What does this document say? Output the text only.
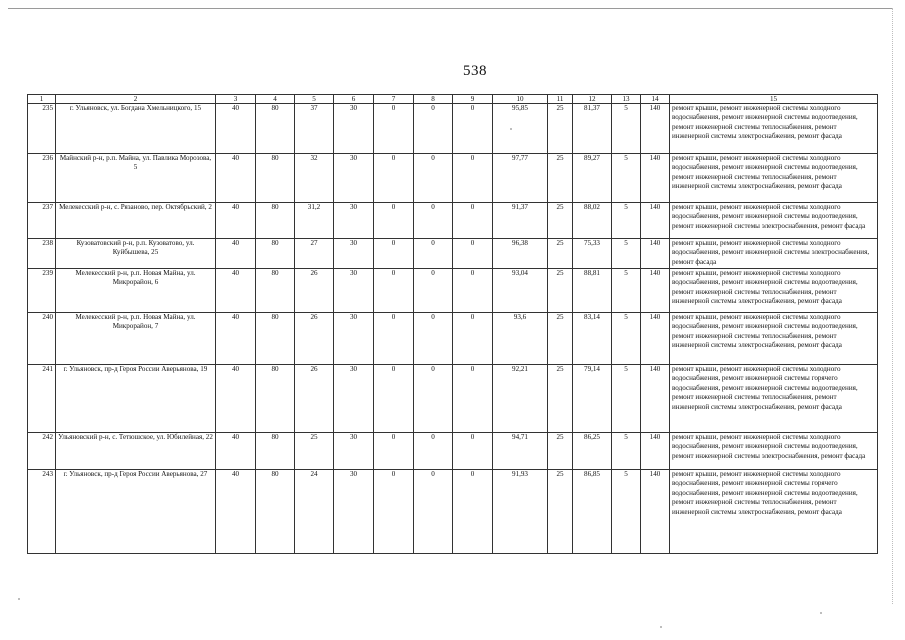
538
1	2	3	4	5	6	7	8	9	10	11	12	13	14	15
235	г. Ульяновск, ул. Богдана Хмельницкого, 15	40	80	37	30	0	0	0	95,85	25	81,37	5	140	ремонт крыши, ремонт инженерной системы холодного водоснабжения, ремонт инженерной системы водоотведения, ремонт инженерной системы теплоснабжения, ремонт инженерной системы электроснабжения, ремонт фасада
236	Майнский р-н, р.п. Майна, ул. Павлика Морозова, 5	40	80	32	30	0	0	0	97,77	25	89,27	5	140	ремонт крыши, ремонт инженерной системы холодного водоснабжения, ремонт инженерной системы водоотведения, ремонт инженерной системы теплоснабжения, ремонт инженерной системы электроснабжения, ремонт фасада
237	Мелекесский р-н, с. Рязаново, пер. Октябрьский, 2	40	80	31,2	30	0	0	0	91,37	25	88,02	5	140	ремонт крыши, ремонт инженерной системы холодного водоснабжения, ремонт инженерной системы водоотведения, ремонт инженерной системы электроснабжения, ремонт фасада
238	Кузоватовский р-н, р.п. Кузоватово, ул. Куйбышева, 25	40	80	27	30	0	0	0	96,38	25	75,33	5	140	ремонт крыши, ремонт инженерной системы холодного водоснабжения, ремонт инженерной системы электроснабжения, ремонт фасада
239	Мелекесский р-н, р.п. Новая Майна, ул. Микрорайон, 6	40	80	26	30	0	0	0	93,04	25	88,81	5	140	ремонт крыши, ремонт инженерной системы холодного водоснабжения, ремонт инженерной системы водоотведения, ремонт инженерной системы теплоснабжения, ремонт инженерной системы электроснабжения, ремонт фасада
240	Мелекесский р-н, р.п. Новая Майна, ул. Микрорайон, 7	40	80	26	30	0	0	0	93,6	25	83,14	5	140	ремонт крыши, ремонт инженерной системы холодного водоснабжения, ремонт инженерной системы водоотведения, ремонт инженерной системы теплоснабжения, ремонт инженерной системы электроснабжения, ремонт фасада
241	г. Ульяновск, пр-д Героя России Аверьянова, 19	40	80	26	30	0	0	0	92,21	25	79,14	5	140	ремонт крыши, ремонт инженерной системы холодного водоснабжения, ремонт инженерной системы горячего водоснабжения, ремонт инженерной системы водоотведения, ремонт инженерной системы теплоснабжения, ремонт инженерной системы электроснабжения, ремонт фасада
242	Ульяновский р-н, с. Тетюшское, ул. Юбилейная, 22	40	80	25	30	0	0	0	94,71	25	86,25	5	140	ремонт крыши, ремонт инженерной системы холодного водоснабжения, ремонт инженерной системы водоотведения, ремонт инженерной системы электроснабжения, ремонт фасада
243	г. Ульяновск, пр-д Героя России Аверьянова, 27	40	80	24	30	0	0	0	91,93	25	86,85	5	140	ремонт крыши, ремонт инженерной системы холодного водоснабжения, ремонт инженерной системы горячего водоснабжения, ремонт инженерной системы водоотведения, ремонт инженерной системы теплоснабжения, ремонт инженерной системы электроснабжения, ремонт фасада
